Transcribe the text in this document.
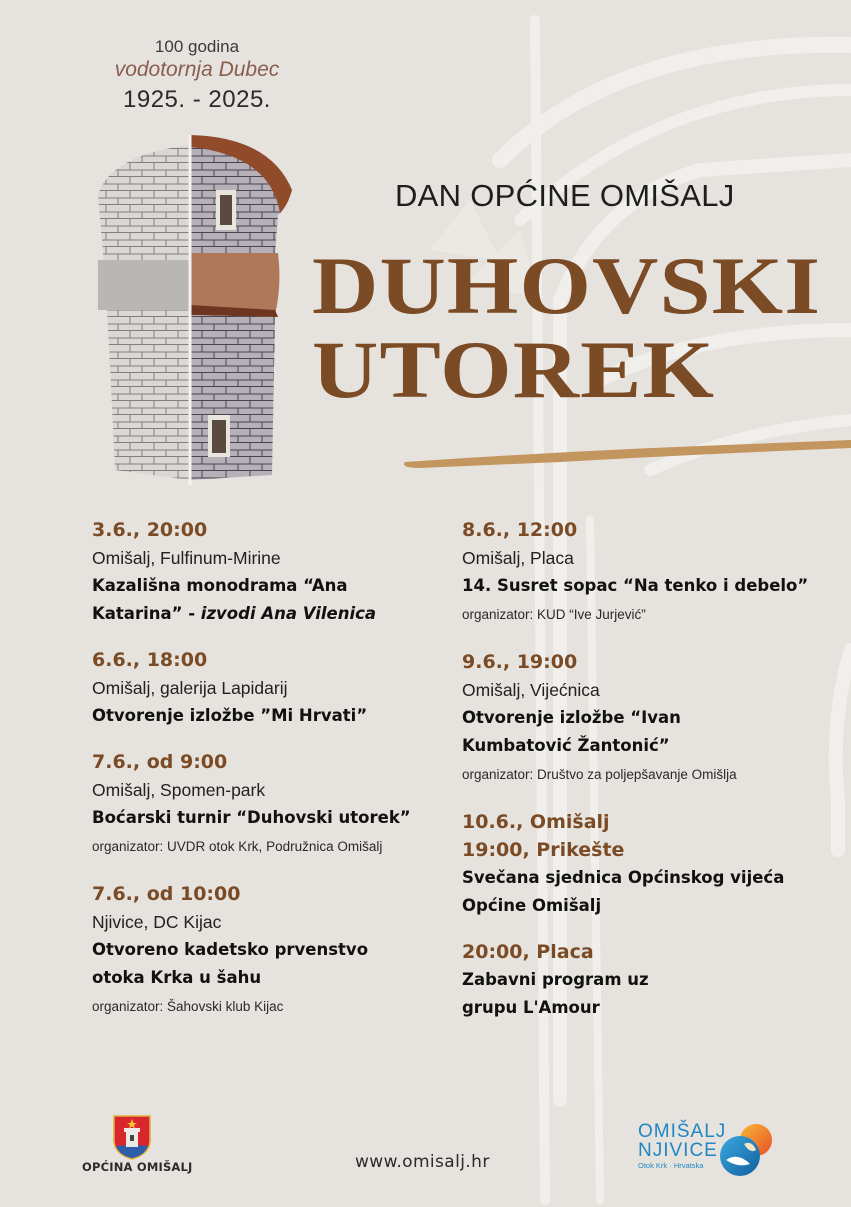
100 godina
vodotornja Dubec
1925. - 2025.
DAN OPĆINE OMIŠALJ
DUHOVSKI
UTOREK
3.6., 20:00
Omišalj, Fulfinum-Mirine
Kazališna monodrama “Ana Katarina” - izvodi Ana Vilenica
6.6., 18:00
Omišalj, galerija Lapidarij
Otvorenje izložbe ”Mi Hrvati”
7.6., od 9:00
Omišalj, Spomen-park
Boćarski turnir “Duhovski utorek”
organizator: UVDR otok Krk, Podružnica Omišalj
7.6., od 10:00
Njivice, DC Kijac
Otvoreno kadetsko prvenstvo otoka Krka u šahu
organizator: Šahovski klub Kijac
8.6., 12:00
Omišalj, Placa
14. Susret sopac “Na tenko i debelo”
organizator: KUD “Ive Jurjević”
9.6., 19:00
Omišalj, Vijećnica
Otvorenje izložbe “Ivan Kumbatović Žantonić”
organizator: Društvo za poljepšavanje Omišlja
10.6., Omišalj
19:00, Prikešte
Svečana sjednica Općinskog vijeća Općine Omišalj
20:00, Placa
Zabavni program uz grupu L'Amour
OPĆINA OMIŠALJ	www.omisalj.hr
OMIŠALJ
NJIVICE
Otok Krk · Hrvatska
